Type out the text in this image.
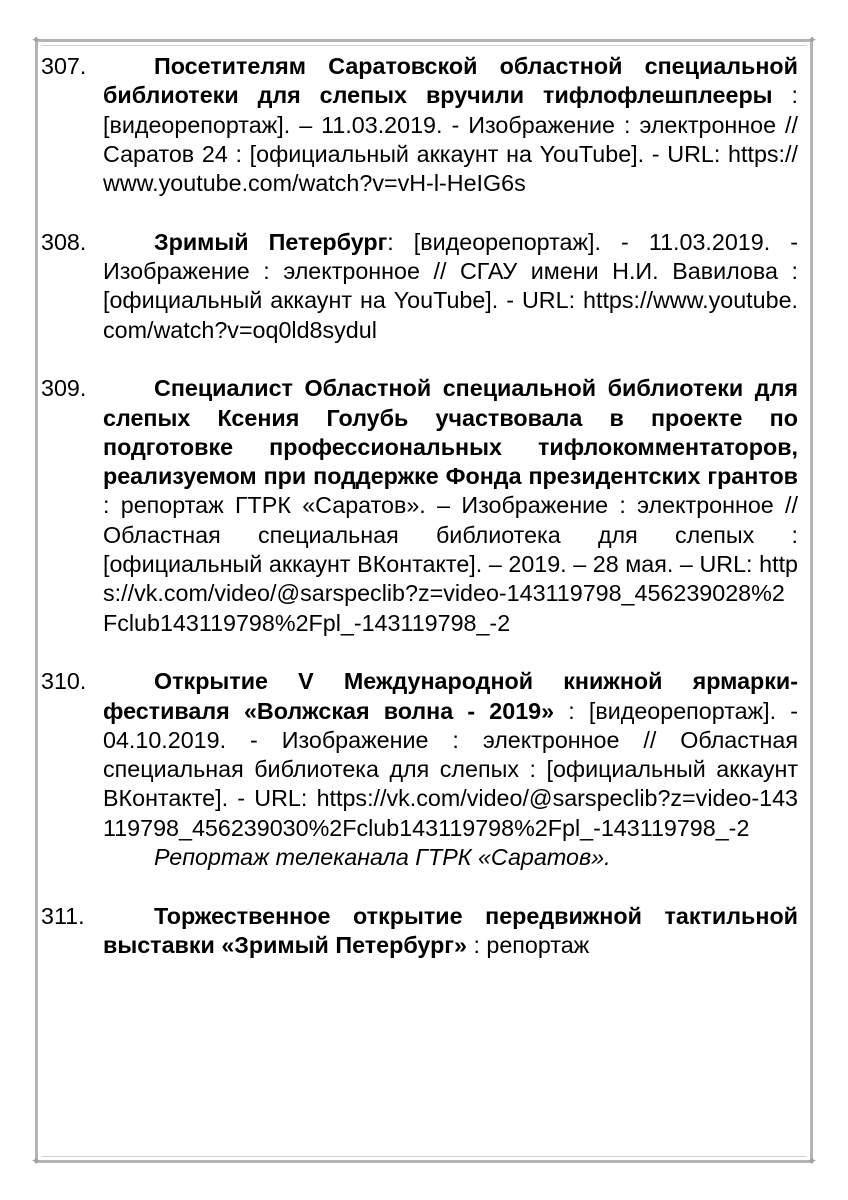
✦	✦
✦	✦
307.	Посетителям Саратовской областной специальной библиотеки для слепых вручили тифлофлешплееры : [видеорепортаж]. – 11.03.2019. - Изображение : электронное // Саратов 24 : [официальный аккаунт на YouTube]. - URL: https://www.youtube.com/watch?v=vH-l-HeIG6s
308.	Зримый Петербург: [видеорепортаж]. - 11.03.2019. - Изображение : электронное // СГАУ имени Н.И. Вавилова : [официальный аккаунт на YouTube]. - URL: https://www.youtube.com/watch?v=oq0ld8sydul
309.	Специалист Областной специальной библиотеки для слепых Ксения Голубь участвовала в проекте по подготовке профессиональных тифлокомментаторов, реализуемом при поддержке Фонда президентских грантов : репортаж ГТРК «Саратов». – Изображение : электронное // Областная специальная библиотека для слепых : [официальный аккаунт ВКонтакте]. – 2019. – 28 мая. – URL: https://vk.com/video/@sarspeclib?z=video-143119798_456239028%2Fclub143119798%2Fpl_-143119798_-2
310.	Открытие V Международной книжной ярмарки-фестиваля «Волжская волна - 2019» : [видеорепортаж]. - 04.10.2019. - Изображение : электронное // Областная специальная библиотека для слепых : [официальный аккаунт ВКонтакте]. - URL: https://vk.com/video/@sarspeclib?z=video-143119798_456239030%2Fclub143119798%2Fpl_-143119798_-2
Репортаж телеканала ГТРК «Саратов».
311.	Торжественное открытие передвижной тактильной выставки «Зримый Петербург» : репортаж
